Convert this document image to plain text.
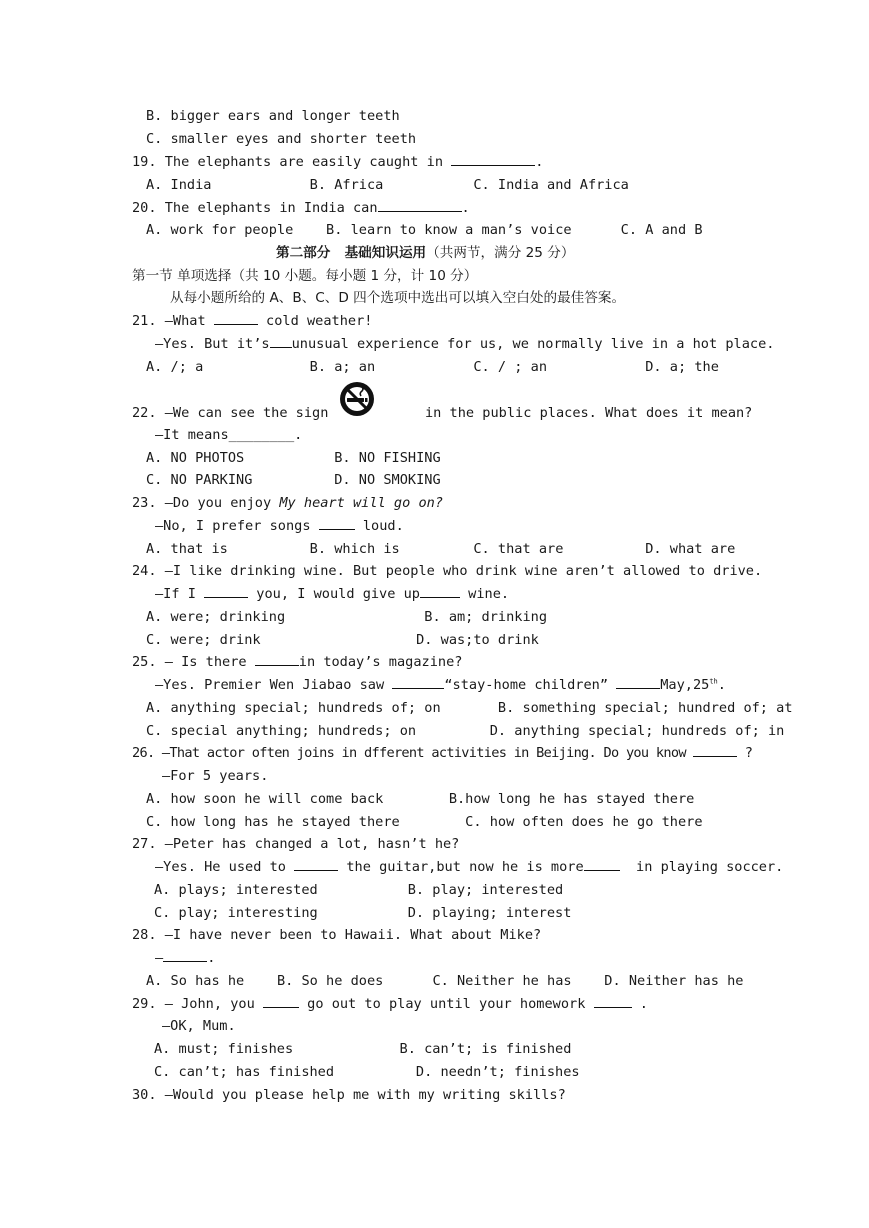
B. bigger ears and longer teeth
C. smaller eyes and shorter teeth
19. The elephants are easily caught in	.
A. India            B. Africa           C. India and Africa
20. The elephants in India can	.
A. work for people    B. learn to know a man’s voice      C. A and B
第二部分   基础知识运用（共两节，满分 25 分）
第一节 单项选择（共 10 小题。每小题 1 分，计 10 分）
从每小题所给的 A、B、C、D 四个选项中选出可以填入空白处的最佳答案。
21. —What	cold weather!
—Yes. But it’s unusual experience for us, we normally live in a hot place.
A. /; a             B. a; an            C. / ; an            D. a; the
22. —We can see the sign	in the public places. What does it mean?
—It means________.
A. NO PHOTOS           B. NO FISHING
C. NO PARKING          D. NO SMOKING
23. —Do you enjoy My heart will go on?
—No, I prefer songs	loud.
A. that is          B. which is         C. that are          D. what are
24. —I like drinking wine. But people who drink wine aren’t allowed to drive.
—If I	you, I would give up	wine.
A. were; drinking                 B. am; drinking
C. were; drink                   D. was;to drink
25. — Is there	in today’s magazine?
—Yes. Premier Wen Jiabao saw	“stay-home children”	May,25th.
A. anything special; hundreds of; on       B. something special; hundred of; at
C. special anything; hundreds; on         D. anything special; hundreds of; in
26. —That actor often joins in dfferent activities in Beijing. Do you know	?
—For 5 years.
A. how soon he will come back        B.how long he has stayed there
C. how long has he stayed there        C. how often does he go there
27. —Peter has changed a lot, hasn’t he?
—Yes. He used to	the guitar,but now he is more	in playing soccer.
A. plays; interested           B. play; interested
C. play; interesting           D. playing; interest
28. —I have never been to Hawaii. What about Mike?
—	.
A. So has he    B. So he does      C. Neither he has    D. Neither has he
29. — John, you	go out to play until your homework	.
—OK, Mum.
A. must; finishes             B. can’t; is finished
C. can’t; has finished          D. needn’t; finishes
30. —Would you please help me with my writing skills?
